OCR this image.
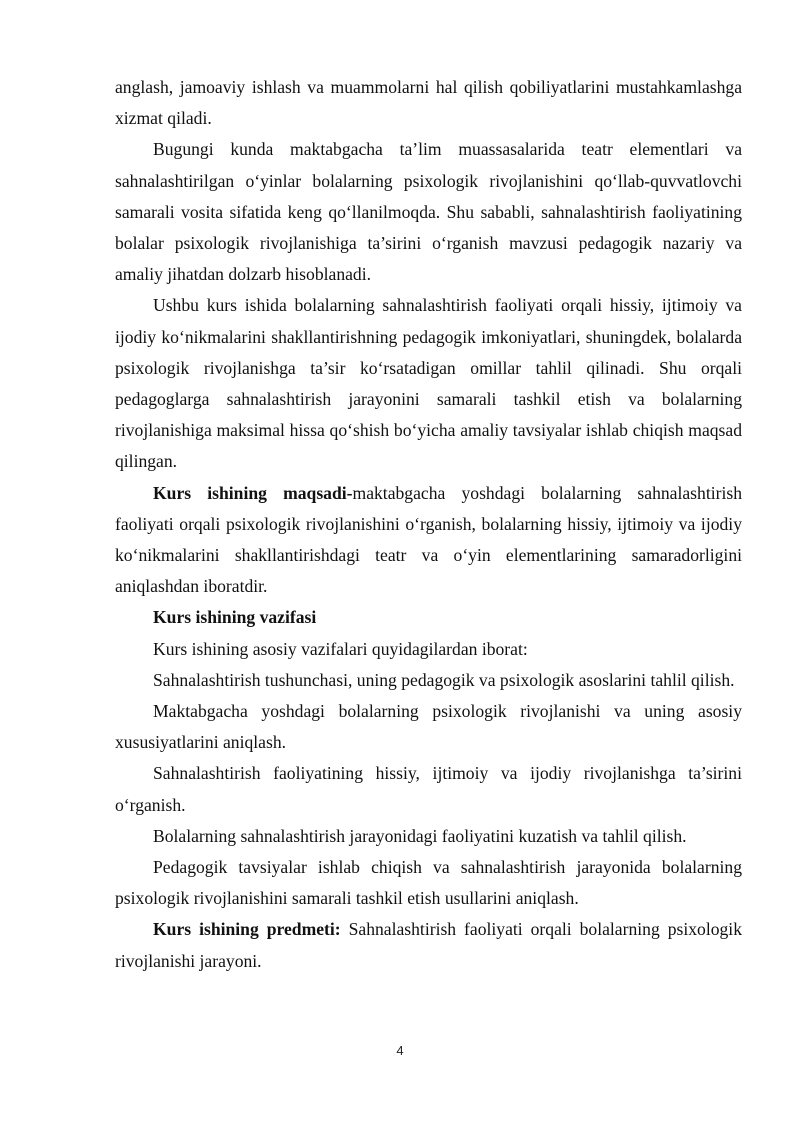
anglash, jamoaviy ishlash va muammolarni hal qilish qobiliyatlarini mustahkamlashga xizmat qiladi.

Bugungi kunda maktabgacha ta’lim muassasalarida teatr elementlari va sahnalashtirilgan o‘yinlar bolalarning psixologik rivojlanishini qo‘llab-quvvatlovchi samarali vosita sifatida keng qo‘llanilmoqda. Shu sababli, sahnalashtirish faoliyatining bolalar psixologik rivojlanishiga ta’sirini o‘rganish mavzusi pedagogik nazariy va amaliy jihatdan dolzarb hisoblanadi.

Ushbu kurs ishida bolalarning sahnalashtirish faoliyati orqali hissiy, ijtimoiy va ijodiy ko‘nikmalarini shakllantirishning pedagogik imkoniyatlari, shuningdek, bolalarda psixologik rivojlanishga ta’sir ko‘rsatadigan omillar tahlil qilinadi. Shu orqali pedagoglarga sahnalashtirish jarayonini samarali tashkil etish va bolalarning rivojlanishiga maksimal hissa qo‘shish bo‘yicha amaliy tavsiyalar ishlab chiqish maqsad qilingan.

Kurs ishining maqsadi-maktabgacha yoshdagi bolalarning sahnalashtirish faoliyati orqali psixologik rivojlanishini o‘rganish, bolalarning hissiy, ijtimoiy va ijodiy ko‘nikmalarini shakllantirishdagi teatr va o‘yin elementlarining samaradorligini aniqlashdan iboratdir.

Kurs ishining vazifasi

Kurs ishining asosiy vazifalari quyidagilardan iborat:

Sahnalashtirish tushunchasi, uning pedagogik va psixologik asoslarini tahlil qilish.

Maktabgacha yoshdagi bolalarning psixologik rivojlanishi va uning asosiy xususiyatlarini aniqlash.

Sahnalashtirish faoliyatining hissiy, ijtimoiy va ijodiy rivojlanishga ta’sirini o‘rganish.

Bolalarning sahnalashtirish jarayonidagi faoliyatini kuzatish va tahlil qilish.

Pedagogik tavsiyalar ishlab chiqish va sahnalashtirish jarayonida bolalarning psixologik rivojlanishini samarali tashkil etish usullarini aniqlash.

Kurs ishining predmeti: Sahnalashtirish faoliyati orqali bolalarning psixologik rivojlanishi jarayoni.

4
